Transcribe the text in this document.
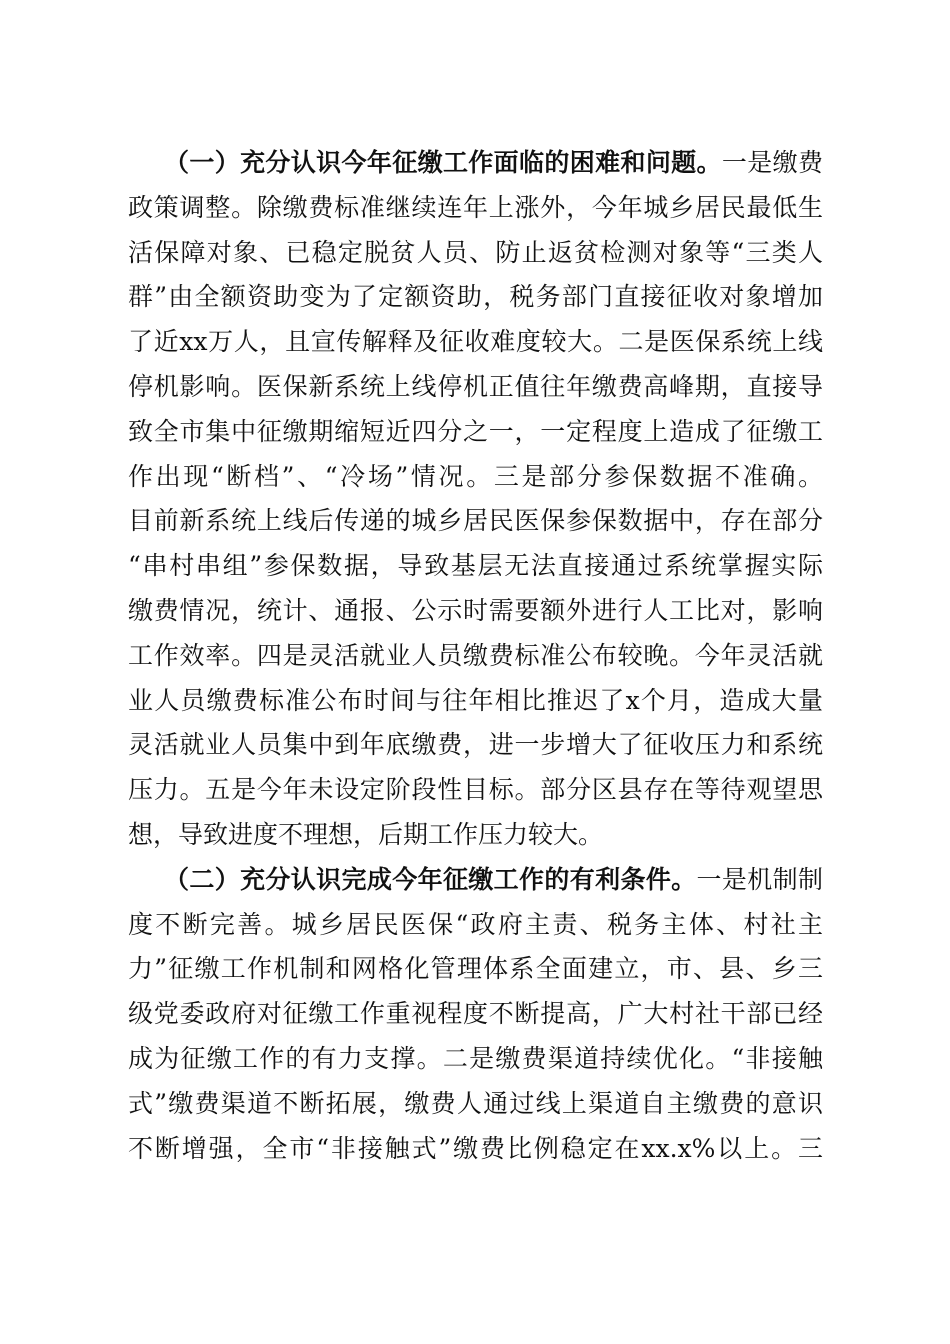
（一）充分认识今年征缴工作面临的困难和问题。一是缴费
政策调整。除缴费标准继续连年上涨外，今年城乡居民最低生
活保障对象、已稳定脱贫人员、防止返贫检测对象等“三类人
群”由全额资助变为了定额资助，税务部门直接征收对象增加
了近xx万人，且宣传解释及征收难度较大。二是医保系统上线
停机影响。医保新系统上线停机正值往年缴费高峰期，直接导
致全市集中征缴期缩短近四分之一，一定程度上造成了征缴工
作出现“断档”、“冷场”情况。三是部分参保数据不准确。
目前新系统上线后传递的城乡居民医保参保数据中，存在部分
“串村串组”参保数据，导致基层无法直接通过系统掌握实际
缴费情况，统计、通报、公示时需要额外进行人工比对，影响
工作效率。四是灵活就业人员缴费标准公布较晚。今年灵活就
业人员缴费标准公布时间与往年相比推迟了x个月，造成大量
灵活就业人员集中到年底缴费，进一步增大了征收压力和系统
压力。五是今年未设定阶段性目标。部分区县存在等待观望思
想，导致进度不理想，后期工作压力较大。
（二）充分认识完成今年征缴工作的有利条件。一是机制制
度不断完善。城乡居民医保“政府主责、税务主体、村社主
力”征缴工作机制和网格化管理体系全面建立，市、县、乡三
级党委政府对征缴工作重视程度不断提高，广大村社干部已经
成为征缴工作的有力支撑。二是缴费渠道持续优化。“非接触
式”缴费渠道不断拓展，缴费人通过线上渠道自主缴费的意识
不断增强，全市“非接触式”缴费比例稳定在xx.x%以上。三
